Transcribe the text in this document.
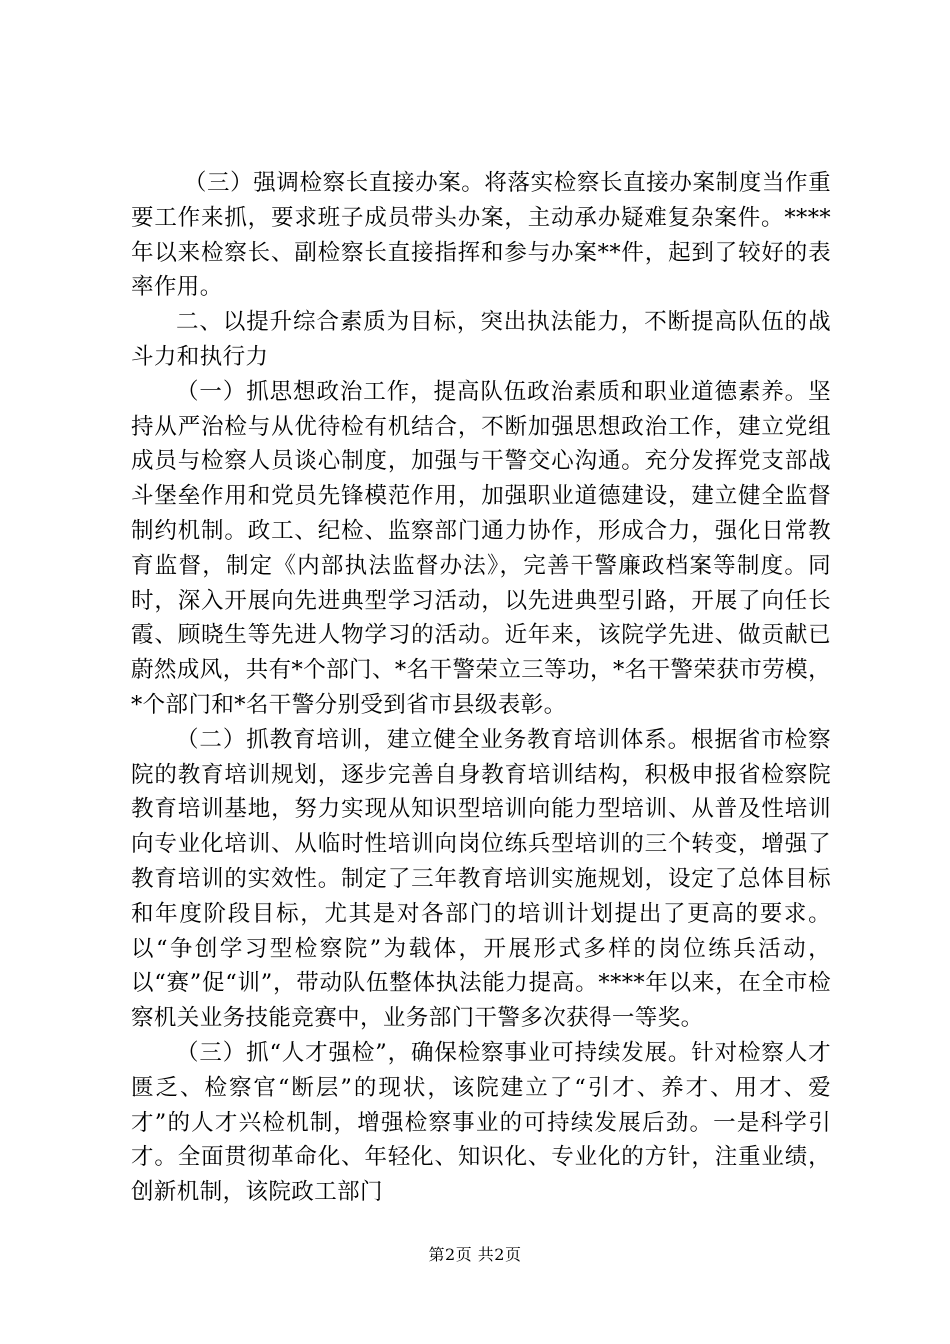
（三）强调检察长直接办案。将落实检察长直接办案制度当作重要工作来抓，要求班子成员带头办案，主动承办疑难复杂案件。****年以来检察长、副检察长直接指挥和参与办案**件，起到了较好的表率作用。

二、以提升综合素质为目标，突出执法能力，不断提高队伍的战斗力和执行力

（一）抓思想政治工作，提高队伍政治素质和职业道德素养。坚持从严治检与从优待检有机结合，不断加强思想政治工作，建立党组成员与检察人员谈心制度，加强与干警交心沟通。充分发挥党支部战斗堡垒作用和党员先锋模范作用，加强职业道德建设，建立健全监督制约机制。政工、纪检、监察部门通力协作，形成合力，强化日常教育监督，制定《内部执法监督办法》，完善干警廉政档案等制度。同时，深入开展向先进典型学习活动，以先进典型引路，开展了向任长霞、顾晓生等先进人物学习的活动。近年来，该院学先进、做贡献已蔚然成风，共有*个部门、*名干警荣立三等功，*名干警荣获市劳模，*个部门和*名干警分别受到省市县级表彰。

（二）抓教育培训，建立健全业务教育培训体系。根据省市检察院的教育培训规划，逐步完善自身教育培训结构，积极申报省检察院教育培训基地，努力实现从知识型培训向能力型培训、从普及性培训向专业化培训、从临时性培训向岗位练兵型培训的三个转变，增强了教育培训的实效性。制定了三年教育培训实施规划，设定了总体目标和年度阶段目标，尤其是对各部门的培训计划提出了更高的要求。以“争创学习型检察院”为载体，开展形式多样的岗位练兵活动，以“赛”促“训”，带动队伍整体执法能力提高。****年以来，在全市检察机关业务技能竞赛中，业务部门干警多次获得一等奖。

（三）抓“人才强检”，确保检察事业可持续发展。针对检察人才匮乏、检察官“断层”的现状，该院建立了“引才、养才、用才、爱才”的人才兴检机制，增强检察事业的可持续发展后劲。一是科学引才。全面贯彻革命化、年轻化、知识化、专业化的方针，注重业绩，创新机制，该院政工部门

第2页 共2页
